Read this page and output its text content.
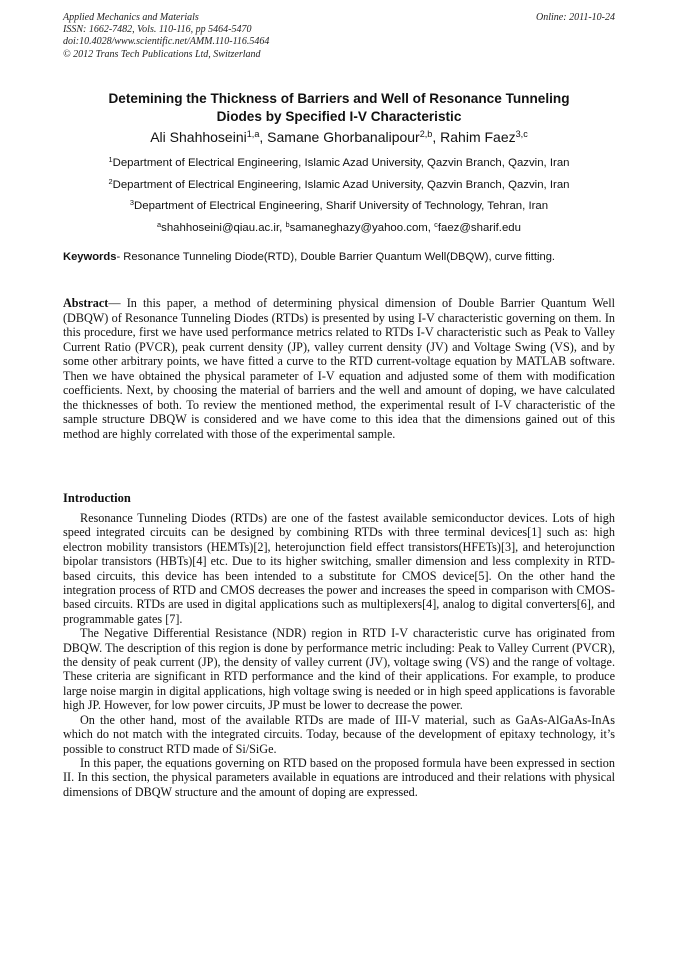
Applied Mechanics and Materials
ISSN: 1662-7482, Vols. 110-116, pp 5464-5470
doi:10.4028/www.scientific.net/AMM.110-116.5464
© 2012 Trans Tech Publications Ltd, Switzerland
Online: 2011-10-24
Detemining the Thickness of Barriers and Well of Resonance Tunneling
Diodes by Specified I-V Characteristic
Ali Shahhoseini$^{1,a}$, Samane Ghorbanalipour$^{2,b}$, Rahim Faez$^{3,c}$
$^1$Department of Electrical Engineering, Islamic Azad University, Qazvin Branch, Qazvin, Iran
$^2$Department of Electrical Engineering, Islamic Azad University, Qazvin Branch, Qazvin, Iran
$^3$Department of Electrical Engineering, Sharif University of Technology, Tehran, Iran
$^a$shahhoseini@qiau.ac.ir, $^b$samaneghazy@yahoo.com, $^c$faez@sharif.edu
Keywords- Resonance Tunneling Diode(RTD), Double Barrier Quantum Well(DBQW), curve fitting.
Abstract— In this paper, a method of determining physical dimension of Double Barrier Quantum Well (DBQW) of Resonance Tunneling Diodes (RTDs) is presented by using I-V characteristic governing on them. In this procedure, first we have used performance metrics related to RTDs I-V characteristic such as Peak to Valley Current Ratio (PVCR), peak current density (JP), valley current density (JV) and Voltage Swing (VS), and by some other arbitrary points, we have fitted a curve to the RTD current-voltage equation by MATLAB software. Then we have obtained the physical parameter of I-V equation and adjusted some of them with modification coefficients. Next, by choosing the material of barriers and the well and amount of doping, we have calculated the thicknesses of both. To review the mentioned method, the experimental result of I-V characteristic of the sample structure DBQW is considered and we have come to this idea that the dimensions gained out of this method are highly correlated with those of the experimental sample.
Introduction

Resonance Tunneling Diodes (RTDs) are one of the fastest available semiconductor devices. Lots of high speed integrated circuits can be designed by combining RTDs with three terminal devices[1] such as: high electron mobility transistors (HEMTs)[2], heterojunction field effect transistors(HFETs)[3], and heterojunction bipolar transistors (HBTs)[4] etc. Due to its higher switching, smaller dimension and less complexity in RTD-based circuits, this device has been intended to a substitute for CMOS device[5]. On the other hand the integration process of RTD and CMOS decreases the power and increases the speed in comparison with CMOS-based circuits. RTDs are used in digital applications such as multiplexers[4], analog to digital converters[6], and programmable gates [7].

The Negative Differential Resistance (NDR) region in RTD I-V characteristic curve has originated from DBQW. The description of this region is done by performance metric including: Peak to Valley Current (PVCR), the density of peak current (JP), the density of valley current (JV), voltage swing (VS) and the range of voltage. These criteria are significant in RTD performance and the kind of their applications. For example, to produce large noise margin in digital applications, high voltage swing is needed or in high speed applications is favorable high JP. However, for low power circuits, JP must be lower to decrease the power.

On the other hand, most of the available RTDs are made of III-V material, such as GaAs-AlGaAs-InAs which do not match with the integrated circuits. Today, because of the development of epitaxy technology, it’s possible to construct RTD made of Si/SiGe.

In this paper, the equations governing on RTD based on the proposed formula have been expressed in section II. In this section, the physical parameters available in equations are introduced and their relations with physical dimensions of DBQW structure and the amount of doping are expressed.
